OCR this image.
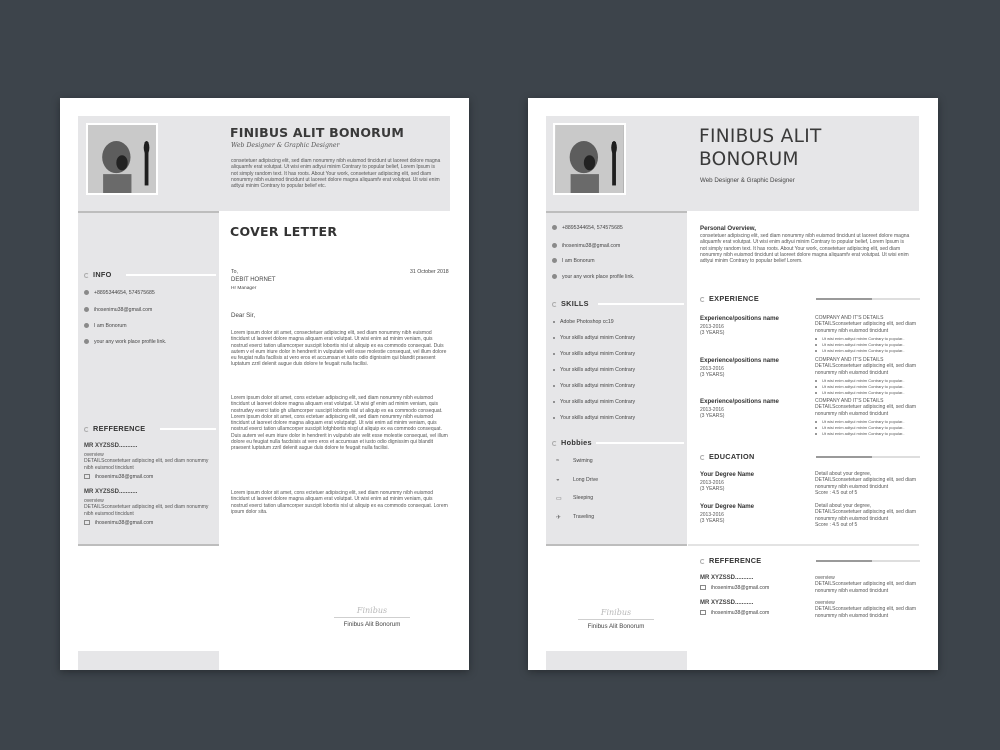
FINIBUS ALIT BONORUM
Web Designer & Graphic Designer
consetetuer adipiscing elit, sed diam nonummy nibh euismod tincidunt ut laoreet dolore magna aliquamfv erat volutpat. Ut wisi enim adtyui minim Contrary to popular belief, Lorem Ipsum is not simply random text. It has roots. About Your work, consetetuer adipiscing elit, sed diam nonummy nibh euismod tincidunt ut laoreet dolore magna aliquamfv erat volutpat. Ut wisi enim adtyui minim Contrary to popular belief etc.
INFO
+8895344654, 574575685
ihosenimu38@gmail.com
I am Bonorum
your any work place profile link.
REFFERENCE
MR XYZSSD...........
overview
DETAILSconsetetuer adipiscing elit, sed diam nonummy nibh euismod tincidunt
ihosenimu38@gmail.com
MR XYZSSD...........
overview
DETAILSconsetetuer adipiscing elit, sed diam nonummy nibh euismod tincidunt
ihosenimu38@gmail.com
COVER LETTER
To,	31 October 2018
DEBIT HORNET
Hr Manager
Dear Sir,
Lorem ipsum dolor sit amet, consectetuer adipiscing elit, sed diam nonummy nibh euismod tincidunt ut laoreet dolore magna aliquam erat volutpat. Ut wisi enim ad minim veniam, quis nostrud exerci tation ullamcorper suscipit lobortis nisl ut aliquip ex ea commodo consequat. Duis autem v el eum iriure dolor in hendrerit in vulputate velit esse molestie consequat, vel illum dolore eu feugiat nulla facilisis at vero eros et accumsan et iusto odio dignissim qui blandit praesent luptatum zzril delenit augue duis dolore te feugait nulla facilisi.
Lorem ipsum dolor sit amet, cons ectetuer adipiscing elit, sed diam nonummy nibh euismod tincidunt ut laoreet dolore magna aliquam erat volutpat. Ut wisi gf enim ad minim veniam, quis nostrudwy exerci tatio gh ullamcorper suscipit lobortis nisl ut aliquip ex ea commodo consequat. Lorem ipsum dolor sit amet, cons ectetuer adipiscing elit, sed diam nonummy nibh euismod tincidunt ut laoreet dolore magna aliquam erat volutpatgt. Ut wisi enim ad minim veniam, quis nostrud exerci tation ullamcorper suscipit lofghbortis nisgl ut aliquip ex ea commodo consequat. Duis autem vel eum iriure dolor in hendrerit in vulputvb ate velit esse molestie consequat, vel illum dolore eu feugiat nulla facdsisis at vero eros et accumsan et iusto odio dignissim qui blandit praesent luptatum zzril delenit augue duis dolore te feugait nulla facilisi.
Lorem ipsum dolor sit amet, cons ectetuer adipiscing elit, sed diam nonummy nibh euismod tincidunt ut laoreet dolore magna aliquam erat volutpat. Ut wisi enim ad minim veniam, quis nostrud exerci tation ullamcorper suscipit lobortis nisl ut aliquip ex ea commodo consequat. Lorem ipsum dolor sita.
Finibus
Finibus Alit Bonorum
FINIBUS ALIT
BONORUM
Web Designer & Graphic Designer
+8895344654, 574575685
ihosenimu38@gmail.com
I am Bonorum
your any work place profile link.
SKILLS
Adobe Photoshop cc19
Your skills adtyui minim Contrary
Your skills adtyui minim Contrary
Your skills adtyui minim Contrary
Your skills adtyui minim Contrary
Your skills adtyui minim Contrary
Your skills adtyui minim Contrary
Hobbies
≈	Swiming
◒	Long Drive
▭ Sleeping
✈ Traveling
Personal Overview,
consetetuer adipiscing elit, sed diam nonummy nibh euismod tincidunt ut laoreet dolore magna aliquamfv erat volutpat. Ut wisi enim adtyui minim Contrary to popular belief, Lorem Ipsum is not simply random text. It has roots. About Your work, consetetuer adipiscing elit, sed diam nonummy nibh euismod tincidunt ut laoreet dolore magna aliquamfv erat volutpat. Ut wisi enim adtyui minim Contrary to popular belief Lorem.
EXPERIENCE
Experience/positions name
2013-2016
(3 YEARS)
COMPANY AND IT'S DETAILS
DETAILSconsetetuer adipiscing elit, sed diam nonummy nibh euismod tincidunt
Ut wisi enim adtyui minim Contrary to popular..
Ut wisi enim adtyui minim Contrary to popular..
Ut wisi enim adtyui minim Contrary to popular..
Experience/positions name
2013-2016
(3 YEARS)
COMPANY AND IT'S DETAILS
DETAILSconsetetuer adipiscing elit, sed diam nonummy nibh euismod tincidunt
Ut wisi enim adtyui minim Contrary to popular..
Ut wisi enim adtyui minim Contrary to popular..
Ut wisi enim adtyui minim Contrary to popular..
Experience/positions name
2013-2016
(3 YEARS)
COMPANY AND IT'S DETAILS
DETAILSconsetetuer adipiscing elit, sed diam nonummy nibh euismod tincidunt
Ut wisi enim adtyui minim Contrary to popular..
Ut wisi enim adtyui minim Contrary to popular..
Ut wisi enim adtyui minim Contrary to popular..
EDUCATION
Your Degree Name
2013-2016
(3 YEARS)
Detail about your degree, DETAILSconsetetuer adipiscing elit, sed diam nonummy nibh euismod tincidunt
Score : 4.5 out of 5
Your Degree Name
2013-2016
(3 YEARS)
Detail about your degree, DETAILSconsetetuer adipiscing elit, sed diam nonummy nibh euismod tincidunt
Score : 4.5 out of 5
REFFERENCE
MR XYZSSD...........
ihosenimu38@gmail.com
overview
DETAILSconsetetuer adipiscing elit, sed diam nonummy nibh euismod tincidunt
MR XYZSSD...........
ihosenimu38@gmail.com
overview
DETAILSconsetetuer adipiscing elit, sed diam nonummy nibh euismod tincidunt
Finibus
Finibus Alit Bonorum
